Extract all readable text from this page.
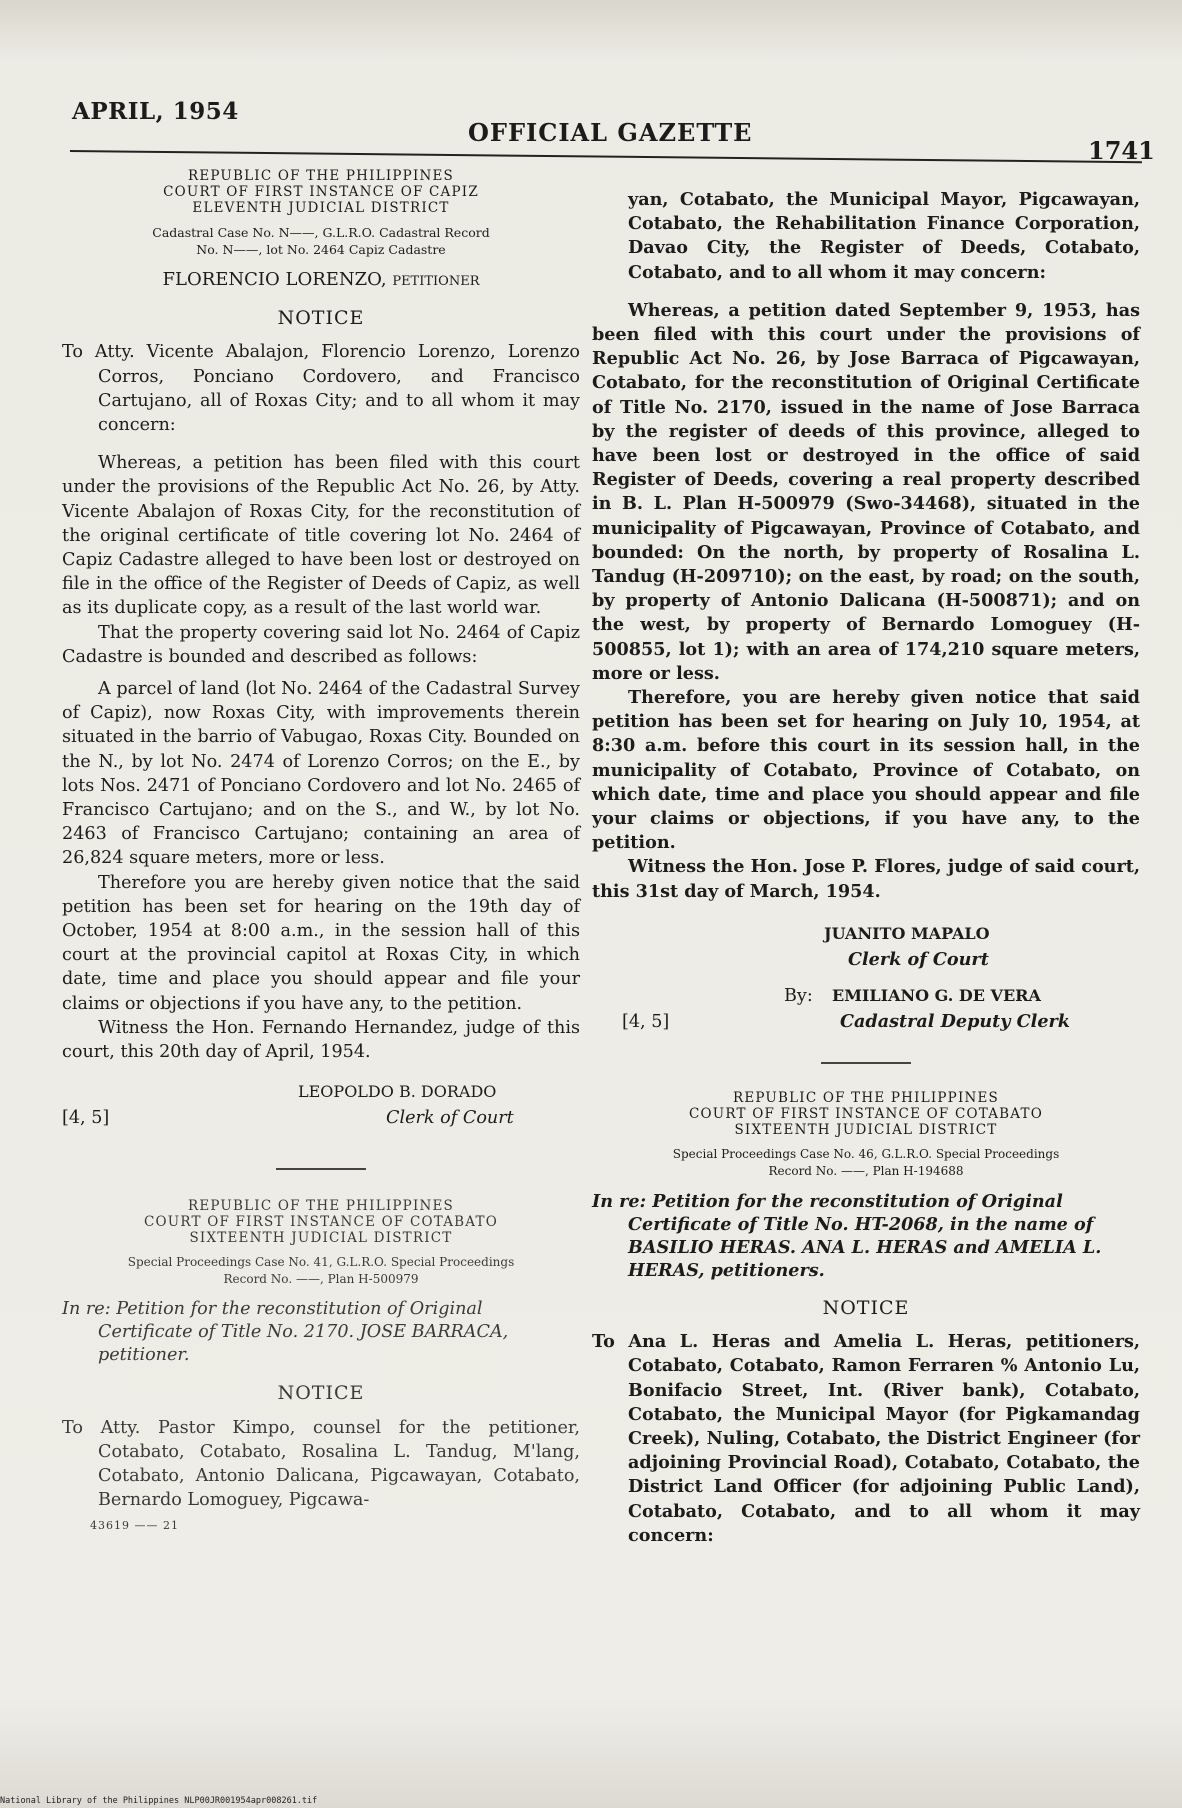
APRIL, 1954
OFFICIAL GAZETTE
1741
REPUBLIC OF THE PHILIPPINES
COURT OF FIRST INSTANCE OF CAPIZ
ELEVENTH JUDICIAL DISTRICT
Cadastral Case No. N——, G.L.R.O. Cadastral Record
No. N——, lot No. 2464 Capiz Cadastre
FLORENCIO LORENZO, petitioner
NOTICE

To Atty. Vicente Abalajon, Florencio Lorenzo, Lorenzo Corros, Ponciano Cordovero, and Francisco Cartujano, all of Roxas City; and to all whom it may concern:

Whereas, a petition has been filed with this court under the provisions of the Republic Act No. 26, by Atty. Vicente Abalajon of Roxas City, for the reconstitution of the original certificate of title covering lot No. 2464 of Capiz Cadastre alleged to have been lost or destroyed on file in the office of the Register of Deeds of Capiz, as well as its duplicate copy, as a result of the last world war.

That the property covering said lot No. 2464 of Capiz Cadastre is bounded and described as follows:

A parcel of land (lot No. 2464 of the Cadastral Survey of Capiz), now Roxas City, with improvements therein situated in the barrio of Vabugao, Roxas City. Bounded on the N., by lot No. 2474 of Lorenzo Corros; on the E., by lots Nos. 2471 of Ponciano Cordovero and lot No. 2465 of Francisco Cartujano; and on the S., and W., by lot No. 2463 of Francisco Cartujano; containing an area of 26,824 square meters, more or less.

Therefore you are hereby given notice that the said petition has been set for hearing on the 19th day of October, 1954 at 8:00 a.m., in the session hall of this court at the provincial capitol at Roxas City, in which date, time and place you should appear and file your claims or objections if you have any, to the petition.

Witness the Hon. Fernando Hernandez, judge of this court, this 20th day of April, 1954.

LEOPOLDO B. DORADO
Clerk of Court
[4, 5]
REPUBLIC OF THE PHILIPPINES
COURT OF FIRST INSTANCE OF COTABATO
SIXTEENTH JUDICIAL DISTRICT
Special Proceedings Case No. 41, G.L.R.O. Special Proceedings
Record No. ——, Plan H-500979
In re: Petition for the reconstitution of Original Certificate of Title No. 2170. JOSE BARRACA, petitioner.
NOTICE

To Atty. Pastor Kimpo, counsel for the petitioner, Cotabato, Cotabato, Rosalina L. Tandug, M'lang, Cotabato, Antonio Dalicana, Pigcawayan, Cotabato, Bernardo Lomoguey, Pigcawa-

43619 —— 21

yan, Cotabato, the Municipal Mayor, Pigcawayan, Cotabato, the Rehabilitation Finance Corporation, Davao City, the Register of Deeds, Cotabato, Cotabato, and to all whom it may concern:

Whereas, a petition dated September 9, 1953, has been filed with this court under the provisions of Republic Act No. 26, by Jose Barraca of Pigcawayan, Cotabato, for the reconstitution of Original Certificate of Title No. 2170, issued in the name of Jose Barraca by the register of deeds of this province, alleged to have been lost or destroyed in the office of said Register of Deeds, covering a real property described in B. L. Plan H-500979 (Swo-34468), situated in the municipality of Pigcawayan, Province of Cotabato, and bounded: On the north, by property of Rosalina L. Tandug (H-209710); on the east, by road; on the south, by property of Antonio Dalicana (H-500871); and on the west, by property of Bernardo Lomoguey (H-500855, lot 1); with an area of 174,210 square meters, more or less.

Therefore, you are hereby given notice that said petition has been set for hearing on July 10, 1954, at 8:30 a.m. before this court in its session hall, in the municipality of Cotabato, Province of Cotabato, on which date, time and place you should appear and file your claims or objections, if you have any, to the petition.

Witness the Hon. Jose P. Flores, judge of said court, this 31st day of March, 1954.

JUANITO MAPALO
Clerk of Court
By: EMILIANO G. DE VERA
Cadastral Deputy Clerk
[4, 5]
REPUBLIC OF THE PHILIPPINES
COURT OF FIRST INSTANCE OF COTABATO
SIXTEENTH JUDICIAL DISTRICT
Special Proceedings Case No. 46, G.L.R.O. Special Proceedings
Record No. ——, Plan H-194688
In re: Petition for the reconstitution of Original Certificate of Title No. HT-2068, in the name of BASILIO HERAS. ANA L. HERAS and AMELIA L. HERAS, petitioners.
NOTICE

To Ana L. Heras and Amelia L. Heras, petitioners, Cotabato, Cotabato, Ramon Ferraren % Antonio Lu, Bonifacio Street, Int. (River bank), Cotabato, Cotabato, the Municipal Mayor (for Pigkamandag Creek), Nuling, Cotabato, the District Engineer (for adjoining Provincial Road), Cotabato, Cotabato, the District Land Officer (for adjoining Public Land), Cotabato, Cotabato, and to all whom it may concern:

National Library of the Philippines NLP00JR001954apr008261.tif
